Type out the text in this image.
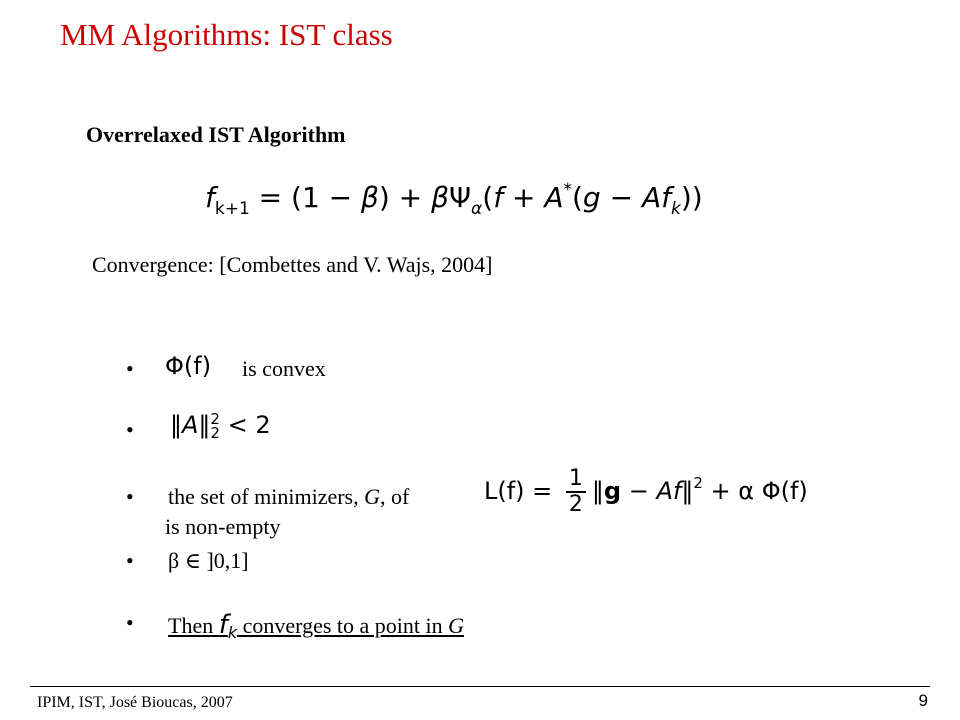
MM Algorithms: IST class
Overrelaxed IST Algorithm
$f_{k+1} = (1 - \beta) + \beta\Psi_\alpha(f + A^*(g - Af_k))$
Convergence: [Combettes and V. Wajs, 2004]
• Φ(f) is convex
• ‖A‖ 2
2 < 2
• the set of minimizers, G, of	$L(f) = \frac{1}{2}$ ‖g − Af‖$^2$ + α Φ(f)
is non-empty
• β ∈ ]0,1]
• Then $f_k$ converges to a point in G
IPIM, IST, José Bioucas, 2007	9
